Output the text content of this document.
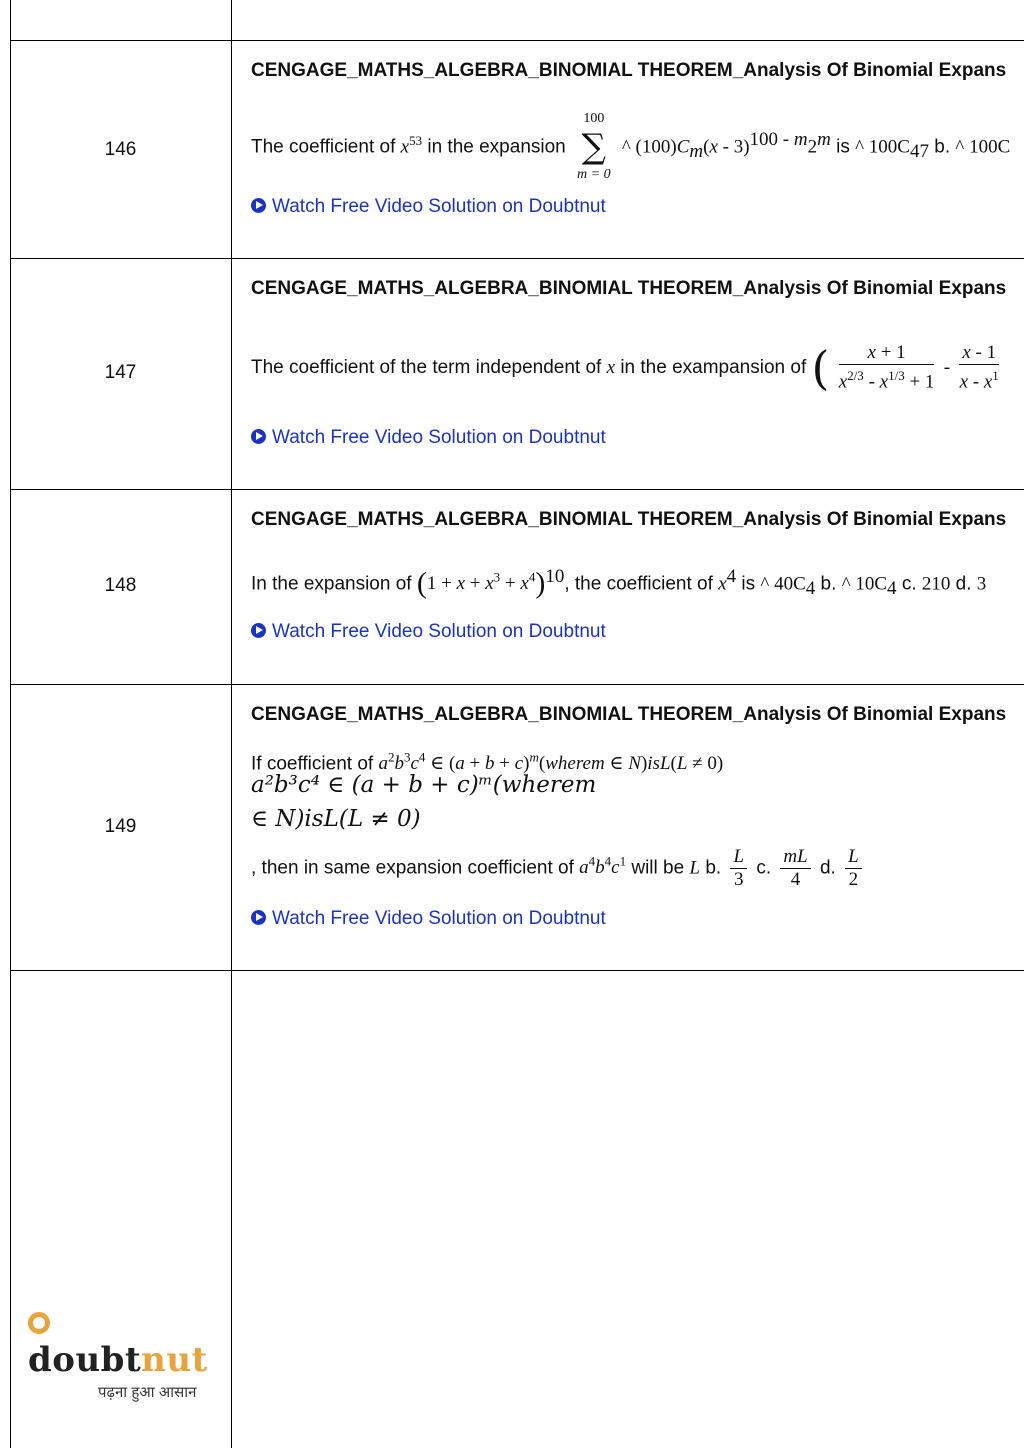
146
CENGAGE_MATHS_ALGEBRA_BINOMIAL THEOREM_Analysis Of Binomial Expans
The coefficient of $x^{53}$ in the expansion
100
∑
m = 0
^ $(100)C_m(x - 3)^{100 - m}2^m$ is ^ $100C_{47}$ b. ^ 100C
Watch Free Video Solution on Doubtnut
147
CENGAGE_MATHS_ALGEBRA_BINOMIAL THEOREM_Analysis Of Binomial Expans
The coefficient of the term independent of x in the exampansion of ( $\frac{x + 1}{x^{2/3} - x^{1/3} + 1} - \frac{x - 1}{x - x^1}$
Watch Free Video Solution on Doubtnut
148
CENGAGE_MATHS_ALGEBRA_BINOMIAL THEOREM_Analysis Of Binomial Expans
In the expansion of $(1 + x + x^3 + x^4)^{10}$, the coefficient of $x^4$ is ^ $40C_4$ b. ^ $10C_4$ c. 210 d. 3
Watch Free Video Solution on Doubtnut
149
CENGAGE_MATHS_ALGEBRA_BINOMIAL THEOREM_Analysis Of Binomial Expans
If coefficient of $a^2b^3c^4$ ∈ $(a + b + c)^m(wherem$ ∈ N)isL(L ≠ 0)
a²b³c⁴ ∈ (a + b + c)ᵐ(wherem
∈ N)isL(L ≠ 0)
, then in same expansion coefficient of $a^4b^4c^1$ will be L b. $\frac{L}{3} c$. $\frac{mL}{4} d$. $\frac{L}{2}$
Watch Free Video Solution on Doubtnut
doubtnut
पढ़ना हुआ आसान
